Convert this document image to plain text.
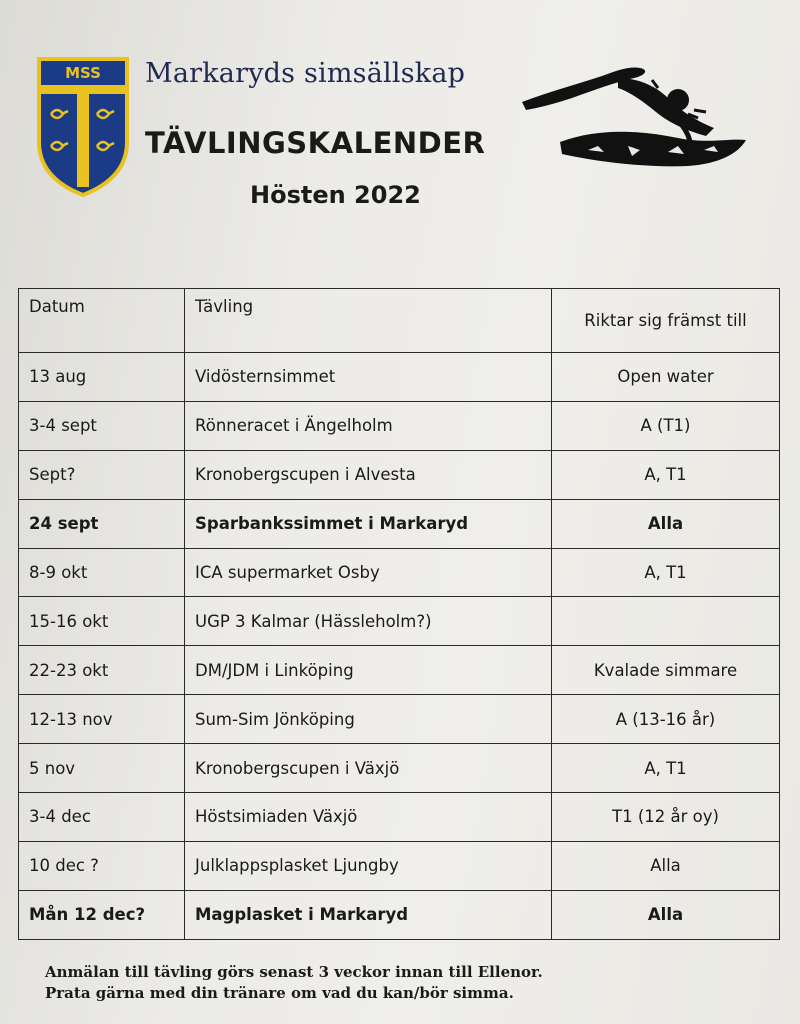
MSS Markaryds simsällskap
TÄVLINGSKALENDER
Hösten 2022
Datum	Tävling	Riktar sig främst till
13 aug	Vidösternsimmet	Open water
3-4 sept	Rönneracet i Ängelholm	A (T1)
Sept?	Kronobergscupen i Alvesta	A, T1
24 sept	Sparbankssimmet i Markaryd	Alla
8-9 okt	ICA supermarket Osby	A, T1
15-16 okt	UGP 3 Kalmar (Hässleholm?)	
22-23 okt	DM/JDM i Linköping	Kvalade simmare
12-13 nov	Sum-Sim Jönköping	A (13-16 år)
5 nov	Kronobergscupen i Växjö	A, T1
3-4 dec	Höstsimiaden Växjö	T1 (12 år oy)
10 dec ?	Julklappsplasket Ljungby	Alla
Mån 12 dec?	Magplasket i Markaryd	Alla
Anmälan till tävling görs senast 3 veckor innan till Ellenor.
Prata gärna med din tränare om vad du kan/bör simma.
